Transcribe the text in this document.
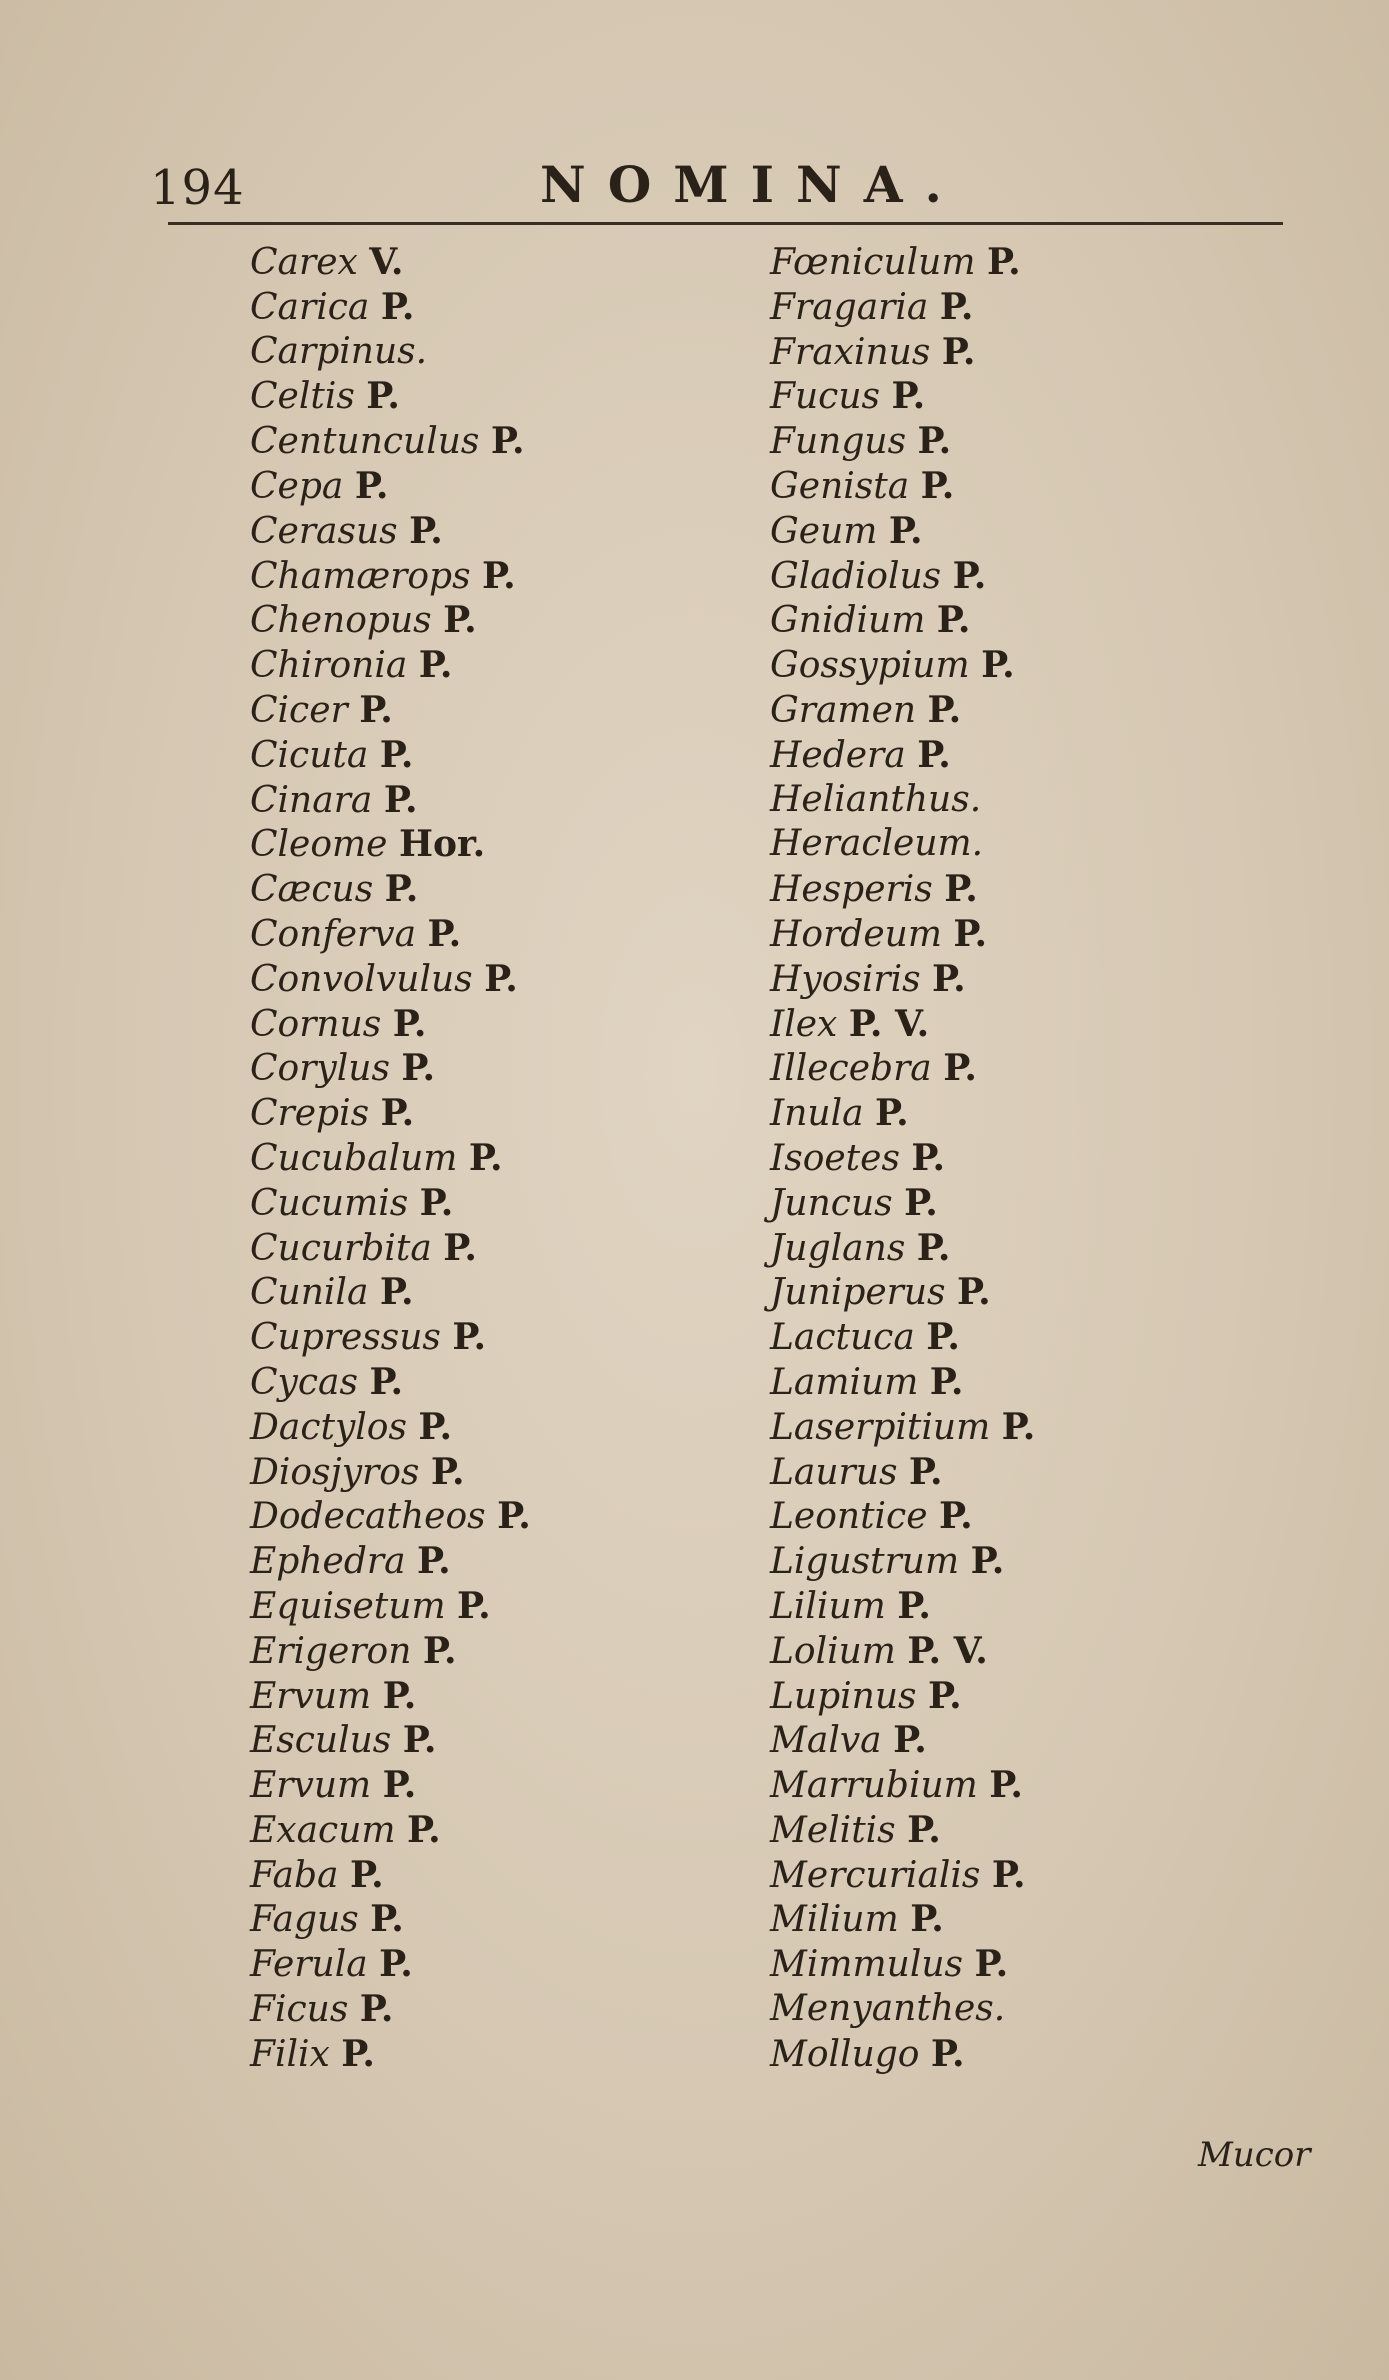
194	NOMINA.
Carex V.
Carica P.
Carpinus.
Celtis P.
Centunculus P.
Cepa P.
Cerasus P.
Chamærops P.
Chenopus P.
Chironia P.
Cicer P.
Cicuta P.
Cinara P.
Cleome Hor.
Cæcus P.
Conferva P.
Convolvulus P.
Cornus P.
Corylus P.
Crepis P.
Cucubalum P.
Cucumis P.
Cucurbita P.
Cunila P.
Cupressus P.
Cycas P.
Dactylos P.
Diosjyros P.
Dodecatheos P.
Ephedra P.
Equisetum P.
Erigeron P.
Ervum P.
Esculus P.
Ervum P.
Exacum P.
Faba P.
Fagus P.
Ferula P.
Ficus P.
Filix P.
Fœniculum P.
Fragaria P.
Fraxinus P.
Fucus P.
Fungus P.
Genista P.
Geum P.
Gladiolus P.
Gnidium P.
Gossypium P.
Gramen P.
Hedera P.
Helianthus.
Heracleum.
Hesperis P.
Hordeum P.
Hyosiris P.
Ilex P. V.
Illecebra P.
Inula P.
Isoetes P.
Juncus P.
Juglans P.
Juniperus P.
Lactuca P.
Lamium P.
Laserpitium P.
Laurus P.
Leontice P.
Ligustrum P.
Lilium P.
Lolium P. V.
Lupinus P.
Malva P.
Marrubium P.
Melitis P.
Mercurialis P.
Milium P.
Mimmulus P.
Menyanthes.
Mollugo P.
Mucor
